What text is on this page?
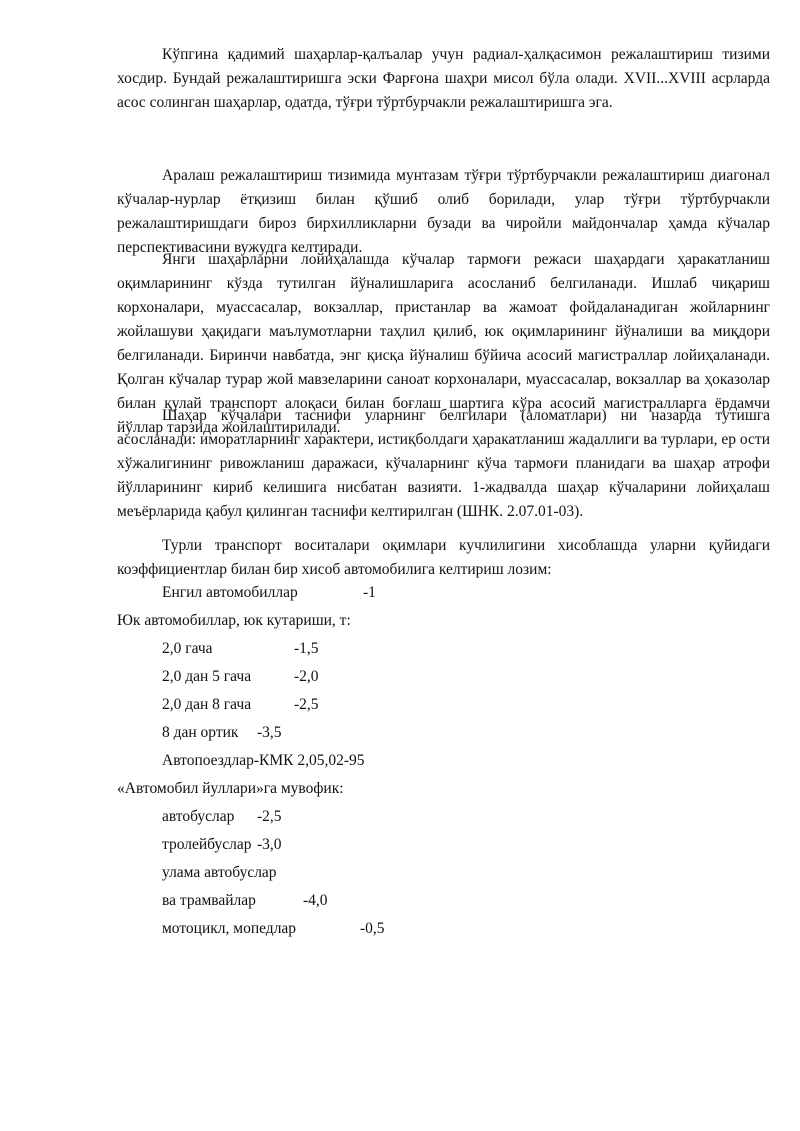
Кўпгина қадимий шаҳарлар-қалъалар учун радиал-ҳалқасимон режалаштириш тизими хосдир. Бундай режалаштиришга эски Фарғона шаҳри мисол бўла олади. XVII...XVIII асрларда асос солинган шаҳарлар, одатда, тўғри тўртбурчакли режалаштиришга эга.

Аралаш режалаштириш тизимида мунтазам тўғри тўртбурчакли режалаштириш диагонал кўчалар-нурлар ётқизиш билан қўшиб олиб борилади, улар тўғри тўртбурчакли режалаштиришдаги бироз бирхилликларни бузади ва чиройли майдончалар ҳамда кўчалар перспективасини вужудга келтиради.

Янги шаҳарларни лойиҳалашда кўчалар тармоғи режаси шаҳардаги ҳаракатланиш оқимларининг кўзда тутилган йўналишларига асосланиб белгиланади. Ишлаб чиқариш корхоналари, муассасалар, вокзаллар, пристанлар ва жамоат фойдаланадиган жойларнинг жойлашуви ҳақидаги маълумотларни таҳлил қилиб, юк оқимларининг йўналиши ва миқдори белгиланади. Биринчи навбатда, энг қисқа йўналиш бўйича асосий магистраллар лойиҳаланади. Қолган кўчалар турар жой мавзеларини саноат корхоналари, муассасалар, вокзаллар ва ҳоказолар билан қулай транспорт алоқаси билан боғлаш шартига кўра асосий магистралларга ёрдамчи йўллар тарзида жойлаштирилади.

Шаҳар кўчалари таснифи уларнинг белгилари (аломатлари) ни назарда тутишга асосланади: иморатларнинг характери, истиқболдаги ҳаракатланиш жадаллиги ва турлари, ер ости хўжалигининг ривожланиш даражаси, кўчаларнинг кўча тармоғи планидаги ва шаҳар атрофи йўлларининг кириб келишига нисбатан вазияти. 1-жадвалда шаҳар кўчаларини лойиҳалаш меъёрларида қабул қилинган таснифи келтирилган (ШНК. 2.07.01-03).

Турли транспорт воситалари оқимлари кучлилигини хисоблашда уларни қуйидаги коэффициентлар билан бир хисоб автомобилига келтириш лозим:

Енгил автомобиллар	-1
Юк автомобиллар, юк кутариши, т:
2,0 гача	-1,5
2,0 дан 5 гача	-2,0
2,0 дан 8 гача	-2,5
8 дан ортик -3,5
Автопоездлар-КМК 2,05,02-95
«Автомобил йуллари»га мувофик:
автобуслар -2,5
тролейбуслар -3,0
улама автобуслар
ва трамвайлар	-4,0
мотоцикл, мопедлар	-0,5
